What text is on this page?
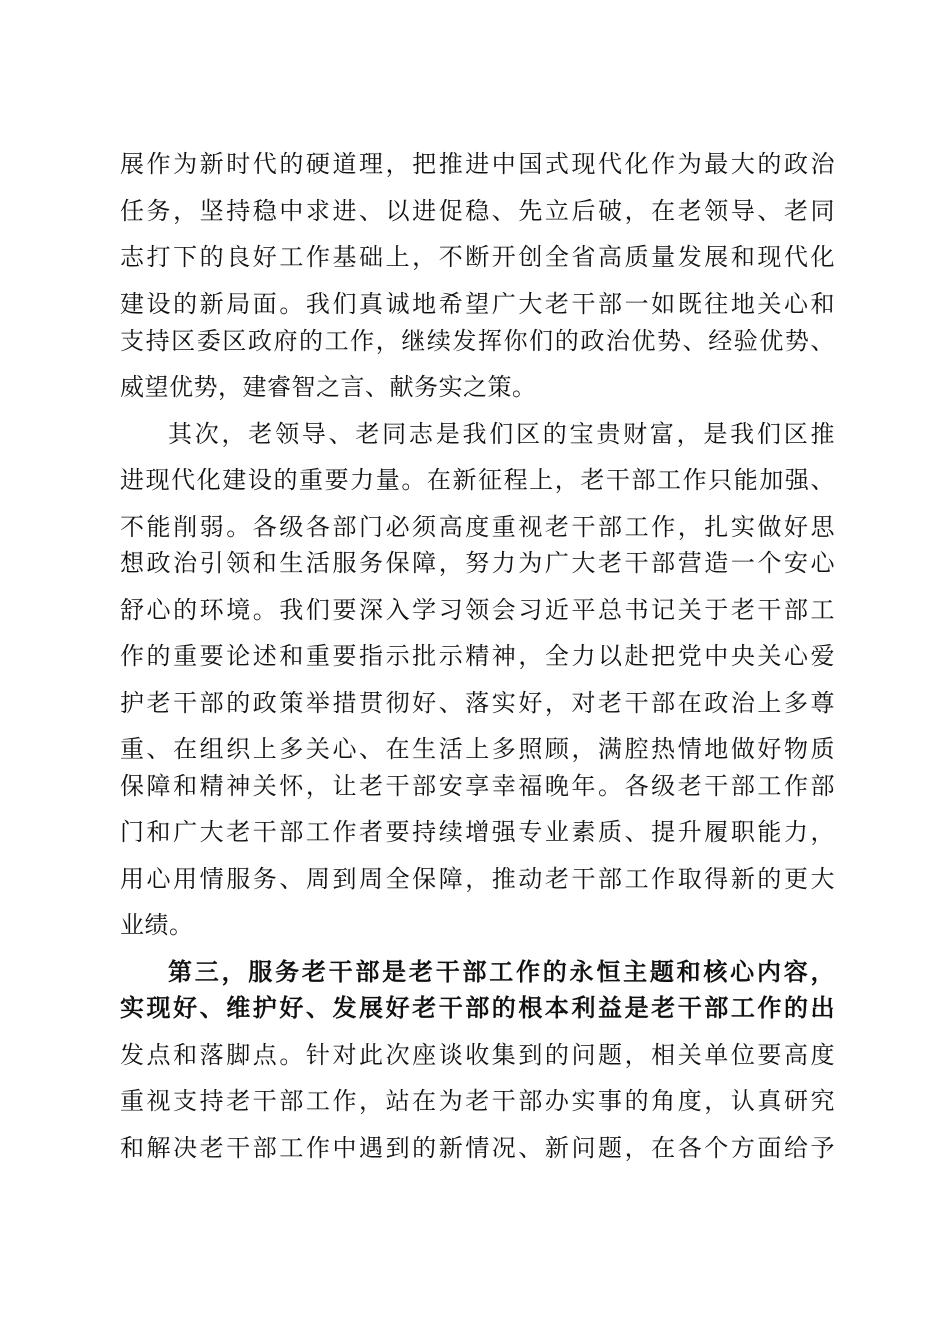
展作为新时代的硬道理，把推进中国式现代化作为最大的政治
任务，坚持稳中求进、以进促稳、先立后破，在老领导、老同
志打下的良好工作基础上，不断开创全省高质量发展和现代化
建设的新局面。我们真诚地希望广大老干部一如既往地关心和
支持区委区政府的工作，继续发挥你们的政治优势、经验优势、
威望优势，建睿智之言、献务实之策。
其次，老领导、老同志是我们区的宝贵财富，是我们区推
进现代化建设的重要力量。在新征程上，老干部工作只能加强、
不能削弱。各级各部门必须高度重视老干部工作，扎实做好思
想政治引领和生活服务保障，努力为广大老干部营造一个安心
舒心的环境。我们要深入学习领会习近平总书记关于老干部工
作的重要论述和重要指示批示精神，全力以赴把党中央关心爱
护老干部的政策举措贯彻好、落实好，对老干部在政治上多尊
重、在组织上多关心、在生活上多照顾，满腔热情地做好物质
保障和精神关怀，让老干部安享幸福晚年。各级老干部工作部
门和广大老干部工作者要持续增强专业素质、提升履职能力，
用心用情服务、周到周全保障，推动老干部工作取得新的更大
业绩。
第三，服务老干部是老干部工作的永恒主题和核心内容，
实现好、维护好、发展好老干部的根本利益是老干部工作的出
发点和落脚点。针对此次座谈收集到的问题，相关单位要高度
重视支持老干部工作，站在为老干部办实事的角度，认真研究
和解决老干部工作中遇到的新情况、新问题，在各个方面给予
